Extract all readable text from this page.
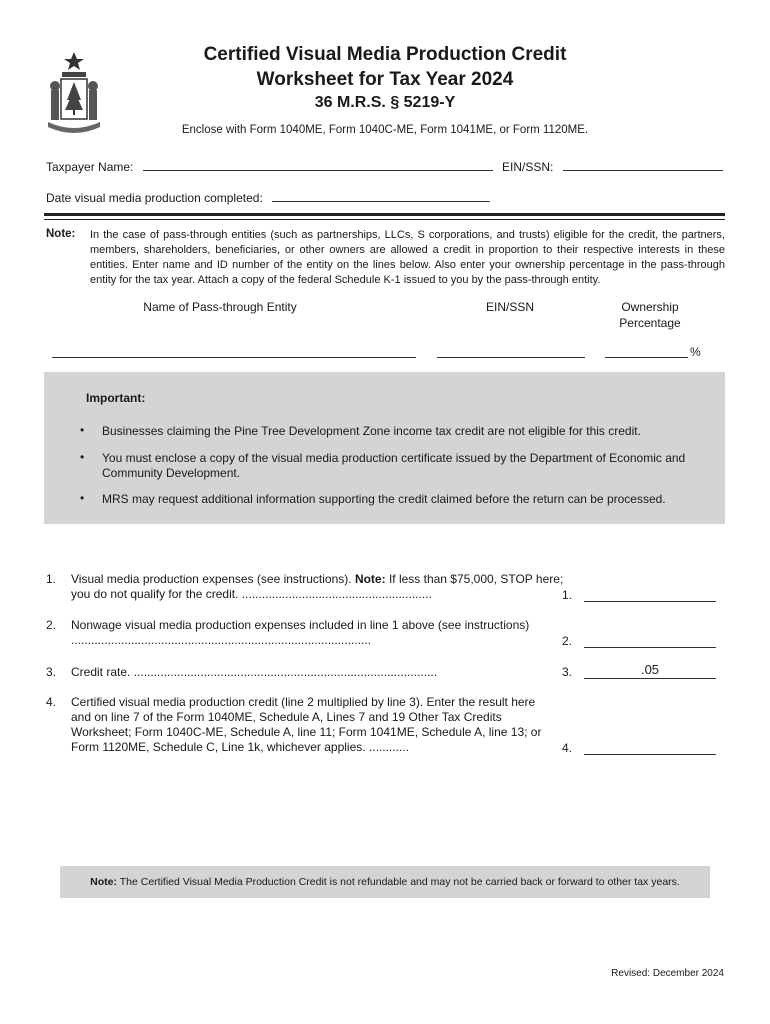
Certified Visual Media Production Credit
Worksheet for Tax Year 2024
36 M.R.S. § 5219-Y
Enclose with Form 1040ME, Form 1040C-ME, Form 1041ME, or Form 1120ME.
Taxpayer Name:	EIN/SSN:
Date visual media production completed:
Note: In the case of pass-through entities (such as partnerships, LLCs, S corporations, and trusts) eligible for the credit, the partners, members, shareholders, beneficiaries, or other owners are allowed a credit in proportion to their respective interests in these entities. Enter name and ID number of the entity on the lines below. Also enter your ownership percentage in the pass-through entity for the tax year. Attach a copy of the federal Schedule K-1 issued to you by the pass-through entity.
Name of Pass-through Entity	EIN/SSN	Ownership
Percentage
%
Important:
• Businesses claiming the Pine Tree Development Zone income tax credit are not eligible for this credit.
• You must enclose a copy of the visual media production certificate issued by the Department of Economic and Community Development.
• MRS may request additional information supporting the credit claimed before the return can be processed.
1. Visual media production expenses (see instructions). Note: If less than $75,000, STOP here; you do not qualify for the credit. .........................................................	1.
2. Nonwage visual media production expenses included in line 1 above (see instructions) ..........................................................................................	2.
3. Credit rate. ...........................................................................................	3.	.05
4. Certified visual media production credit (line 2 multiplied by line 3). Enter the result here and on line 7 of the Form 1040ME, Schedule A, Lines 7 and 19 Other Tax Credits Worksheet; Form 1040C-ME, Schedule A, line 11; Form 1041ME, Schedule A, line 13; or Form 1120ME, Schedule C, Line 1k, whichever applies. ............	4.
Note: The Certified Visual Media Production Credit is not refundable and may not be carried back or forward to other tax years.
Revised: December 2024
